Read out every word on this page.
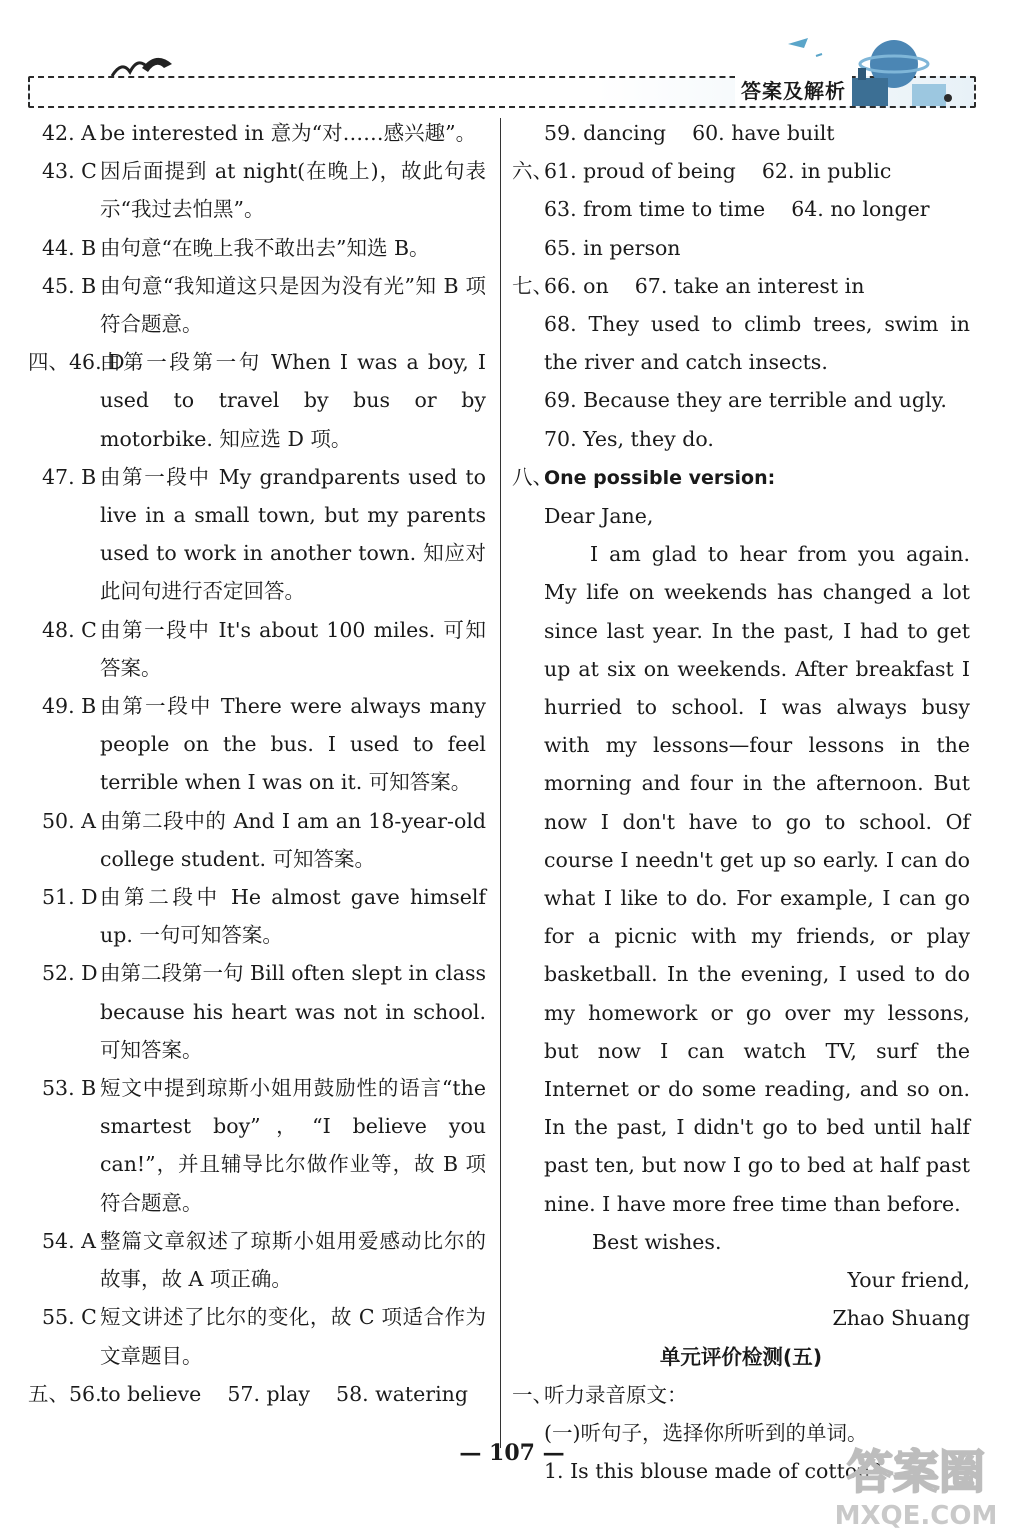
答案及解析
42. A be interested in 意为“对……感兴趣”。
43. C 因后面提到 at night(在晚上)，故此句表示“我过去怕黑”。
44. B 由句意“在晚上我不敢出去”知选 B。
45. B 由句意“我知道这只是因为没有光”知 B 项符合题意。
四、46. D
由第一段第一句 When I was a boy, I used to travel by bus or by motorbike. 知应选 D 项。
47. B 由第一段中 My grandparents used to live in a small town, but my parents used to work in another town. 知应对此问句进行否定回答。
48. C 由第一段中 It's about 100 miles. 可知答案。
49. B 由第一段中 There were always many people on the bus. I used to feel terrible when I was on it. 可知答案。
50. A 由第二段中的 And I am an 18-year-old college student. 可知答案。
51. D 由第二段中 He almost gave himself up. 一句可知答案。
52. D 由第二段第一句 Bill often slept in class because his heart was not in school. 可知答案。
53. B 短文中提到琼斯小姐用鼓励性的语言“the smartest boy”，“I believe you can!”，并且辅导比尔做作业等，故 B 项符合题意。
54. A 整篇文章叙述了琼斯小姐用爱感动比尔的故事，故 A 项正确。
55. C 短文讲述了比尔的变化，故 C 项适合作为文章题目。
五、56.
to believe    57. play    58. watering
59. dancing    60. have built
六、61. proud of being    62. in public
63. from time to time    64. no longer
65. in person
七、66. on    67. take an interest in
68. They used to climb trees, swim in the river and catch insects.
69. Because they are terrible and ugly.
70. Yes, they do.
八、One possible version:
Dear Jane,
I am glad to hear from you again. My life on weekends has changed a lot since last year. In the past, I had to get up at six on weekends. After breakfast I hurried to school. I was always busy with my lessons—four lessons in the morning and four in the afternoon. But now I don't have to go to school. Of course I needn't get up so early. I can do what I like to do. For example, I can go for a picnic with my friends, or play basketball. In the evening, I used to do my homework or go over my lessons, but now I can watch TV, surf the Internet or do some reading, and so on. In the past, I didn't go to bed until half past ten, but now I go to bed at half past nine. I have more free time than before.
Best wishes.
Your friend,
Zhao Shuang
单元评价检测(五)
一、听力录音原文：
(一)听句子，选择你所听到的单词。
1. Is this blouse made of cotton?
— 107 —	答案圈
MXQE.COM
